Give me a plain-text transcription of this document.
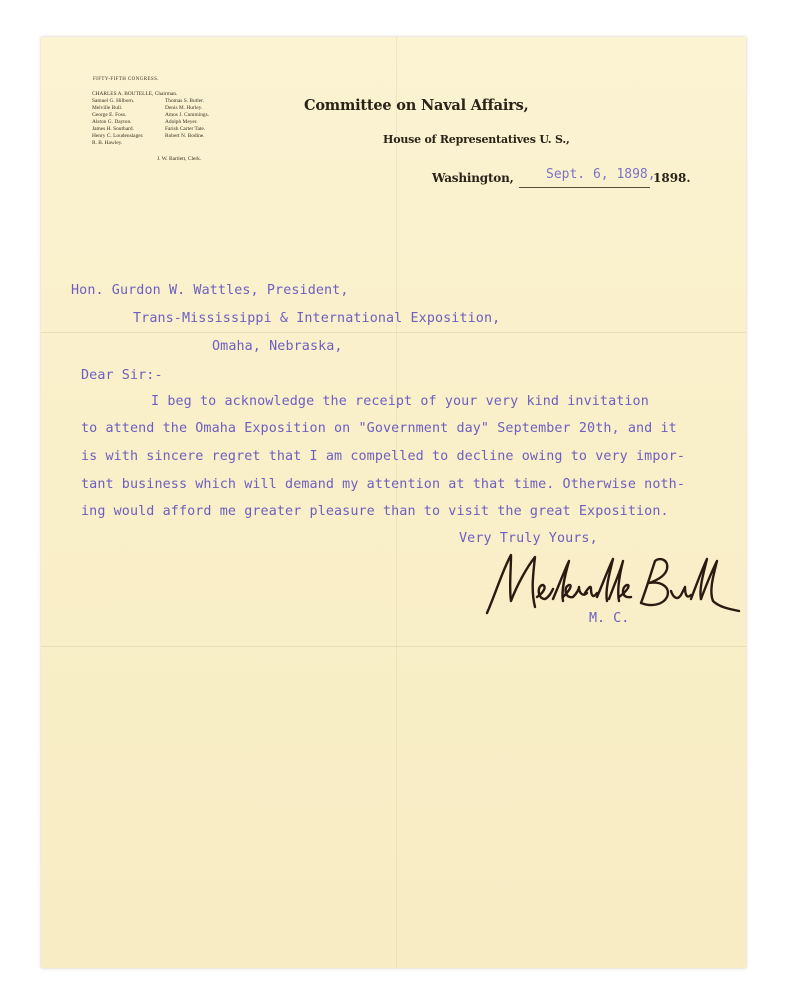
FIFTY-FIFTH CONGRESS.
CHARLES A. BOUTELLE, Chairman.
Samuel G. Hilborn.	Thomas S. Butler.
Melville Bull.	Denis M. Hurley.
George E. Foss.	Amos J. Cummings.
Alston G. Dayton.	Adolph Meyer.
James H. Southard.	Farish Carter Tate.
Henry C. Loudenslager.	Robert N. Bodine.
R. B. Hawley.
J. W. Bartlett, Clerk.
Committee on Naval Affairs,
House of Representatives U. S.,
Washington, Sept. 6, 1898,
1898.
Hon. Gurdon W. Wattles, President,
Trans-Mississippi & International Exposition,
Omaha, Nebraska,
Dear Sir:-
I beg to acknowledge the receipt of your very kind invitation
to attend the Omaha Exposition on "Government day" September 20th, and it
is with sincere regret that I am compelled to decline owing to very impor-
tant business which will demand my attention at that time. Otherwise noth-
ing would afford me greater pleasure than to visit the great Exposition.
Very Truly Yours,
M. C.
